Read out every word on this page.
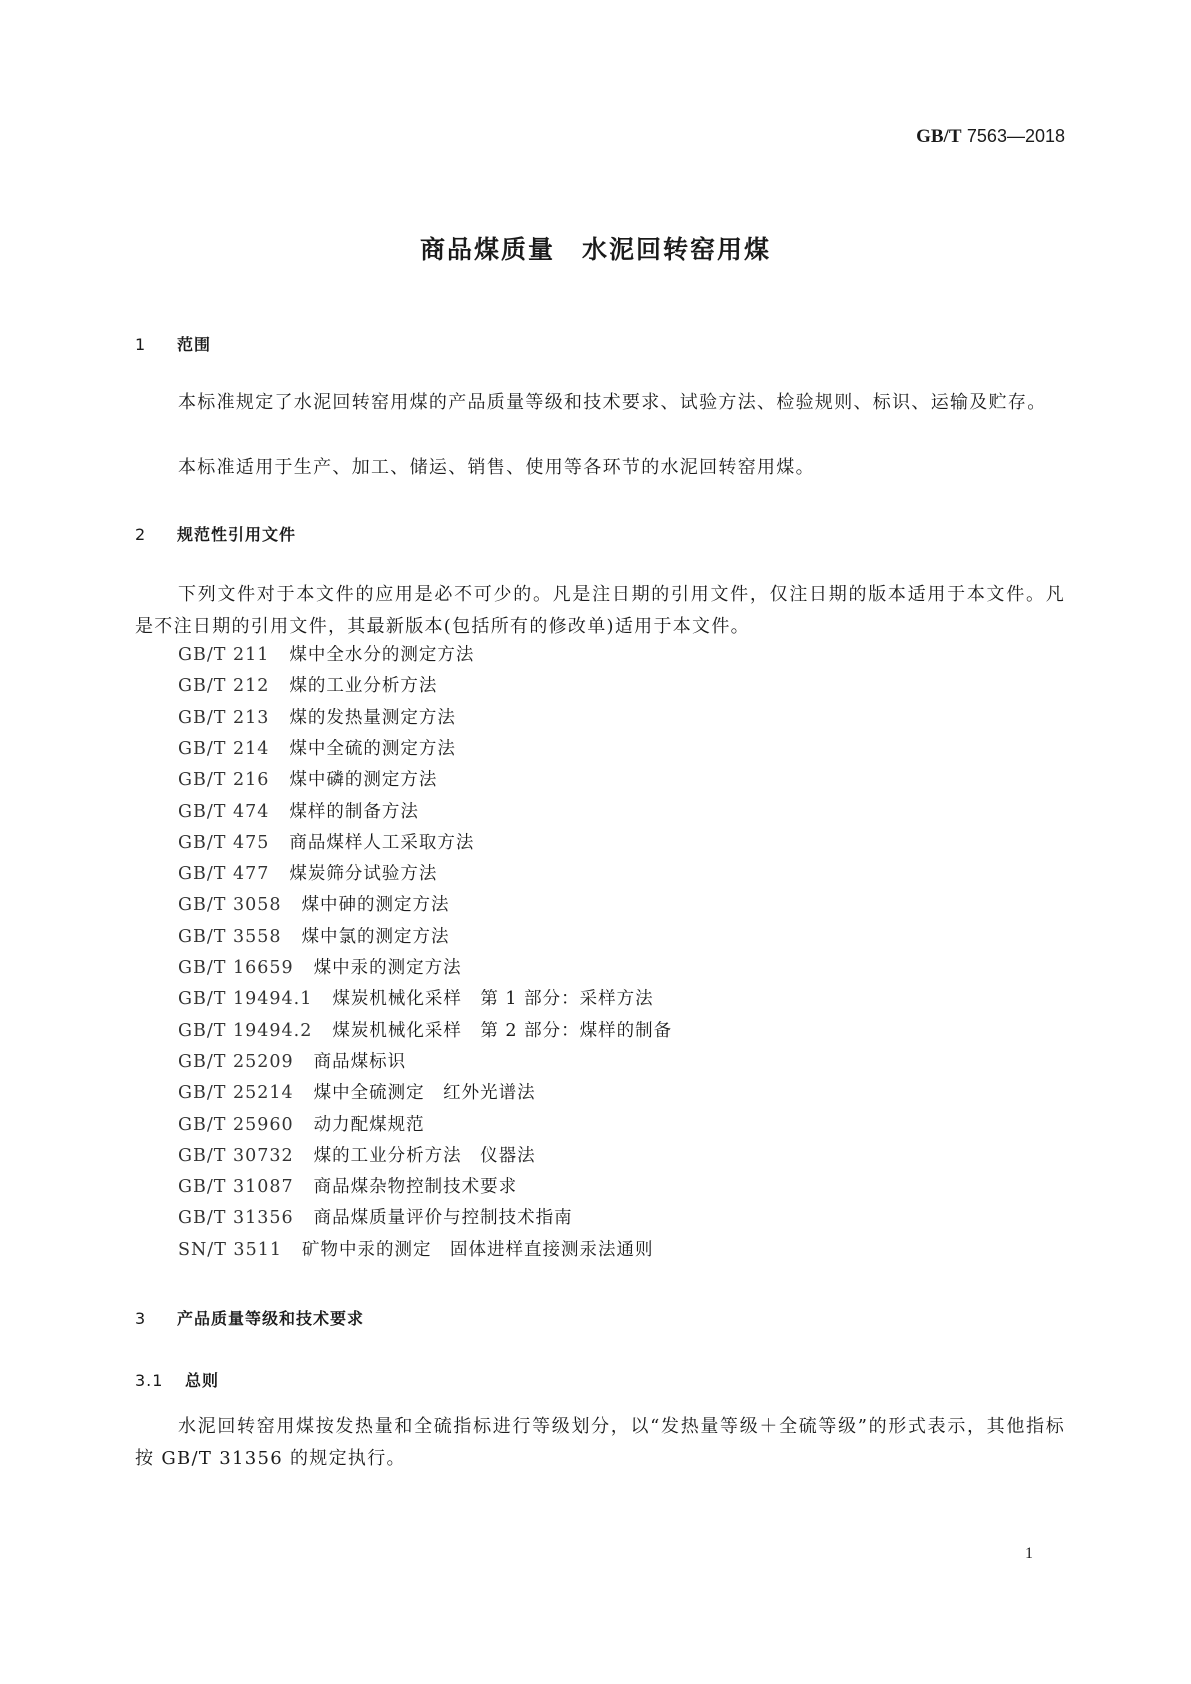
GB/T 7563—2018
商品煤质量　水泥回转窑用煤
1 范围
本标准规定了水泥回转窑用煤的产品质量等级和技术要求、试验方法、检验规则、标识、运输及贮存。
本标准适用于生产、加工、储运、销售、使用等各环节的水泥回转窑用煤。
2 规范性引用文件
下列文件对于本文件的应用是必不可少的。凡是注日期的引用文件，仅注日期的版本适用于本文件。凡是不注日期的引用文件，其最新版本(包括所有的修改单)适用于本文件。
GB/T 211 煤中全水分的测定方法
GB/T 212 煤的工业分析方法
GB/T 213 煤的发热量测定方法
GB/T 214 煤中全硫的测定方法
GB/T 216 煤中磷的测定方法
GB/T 474 煤样的制备方法
GB/T 475 商品煤样人工采取方法
GB/T 477 煤炭筛分试验方法
GB/T 3058 煤中砷的测定方法
GB/T 3558 煤中氯的测定方法
GB/T 16659 煤中汞的测定方法
GB/T 19494.1 煤炭机械化采样　第 1 部分：采样方法
GB/T 19494.2 煤炭机械化采样　第 2 部分：煤样的制备
GB/T 25209 商品煤标识
GB/T 25214 煤中全硫测定　红外光谱法
GB/T 25960 动力配煤规范
GB/T 30732 煤的工业分析方法　仪器法
GB/T 31087 商品煤杂物控制技术要求
GB/T 31356 商品煤质量评价与控制技术指南
SN/T 3511 矿物中汞的测定　固体进样直接测汞法通则
3 产品质量等级和技术要求
3.1 总则
水泥回转窑用煤按发热量和全硫指标进行等级划分，以“发热量等级＋全硫等级”的形式表示，其他指标按 GB/T 31356 的规定执行。
1
